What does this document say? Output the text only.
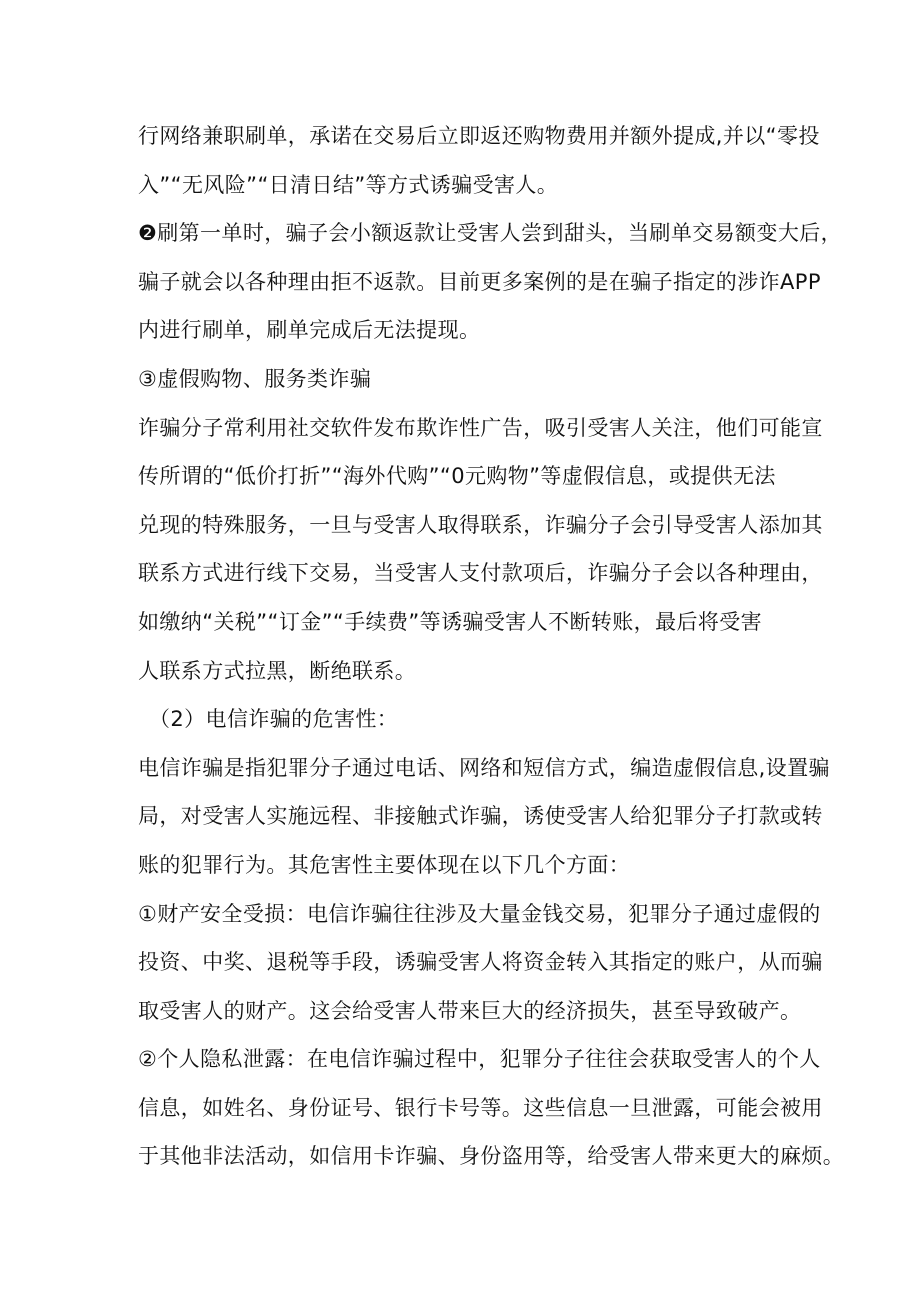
行网络兼职刷单，承诺在交易后立即返还购物费用并额外提成,并以“零投
入”“无风险”“日清日结”等方式诱骗受害人。
❷刷第一单时，骗子会小额返款让受害人尝到甜头，当刷单交易额变大后，
骗子就会以各种理由拒不返款。目前更多案例的是在骗子指定的涉诈APP
内进行刷单，刷单完成后无法提现。
③虚假购物、服务类诈骗
诈骗分子常利用社交软件发布欺诈性广告，吸引受害人关注，他们可能宣
传所谓的“低价打折”“海外代购”“0元购物”等虚假信息，或提供无法
兑现的特殊服务，一旦与受害人取得联系，诈骗分子会引导受害人添加其
联系方式进行线下交易，当受害人支付款项后，诈骗分子会以各种理由，
如缴纳“关税”“订金”“手续费”等诱骗受害人不断转账，最后将受害
人联系方式拉黑，断绝联系。
（2）电信诈骗的危害性：
电信诈骗是指犯罪分子通过电话、网络和短信方式，编造虚假信息,设置骗
局，对受害人实施远程、非接触式诈骗，诱使受害人给犯罪分子打款或转
账的犯罪行为。其危害性主要体现在以下几个方面：
①财产安全受损：电信诈骗往往涉及大量金钱交易，犯罪分子通过虚假的
投资、中奖、退税等手段，诱骗受害人将资金转入其指定的账户，从而骗
取受害人的财产。这会给受害人带来巨大的经济损失，甚至导致破产。
②个人隐私泄露：在电信诈骗过程中，犯罪分子往往会获取受害人的个人
信息，如姓名、身份证号、银行卡号等。这些信息一旦泄露，可能会被用
于其他非法活动，如信用卡诈骗、身份盗用等，给受害人带来更大的麻烦。
